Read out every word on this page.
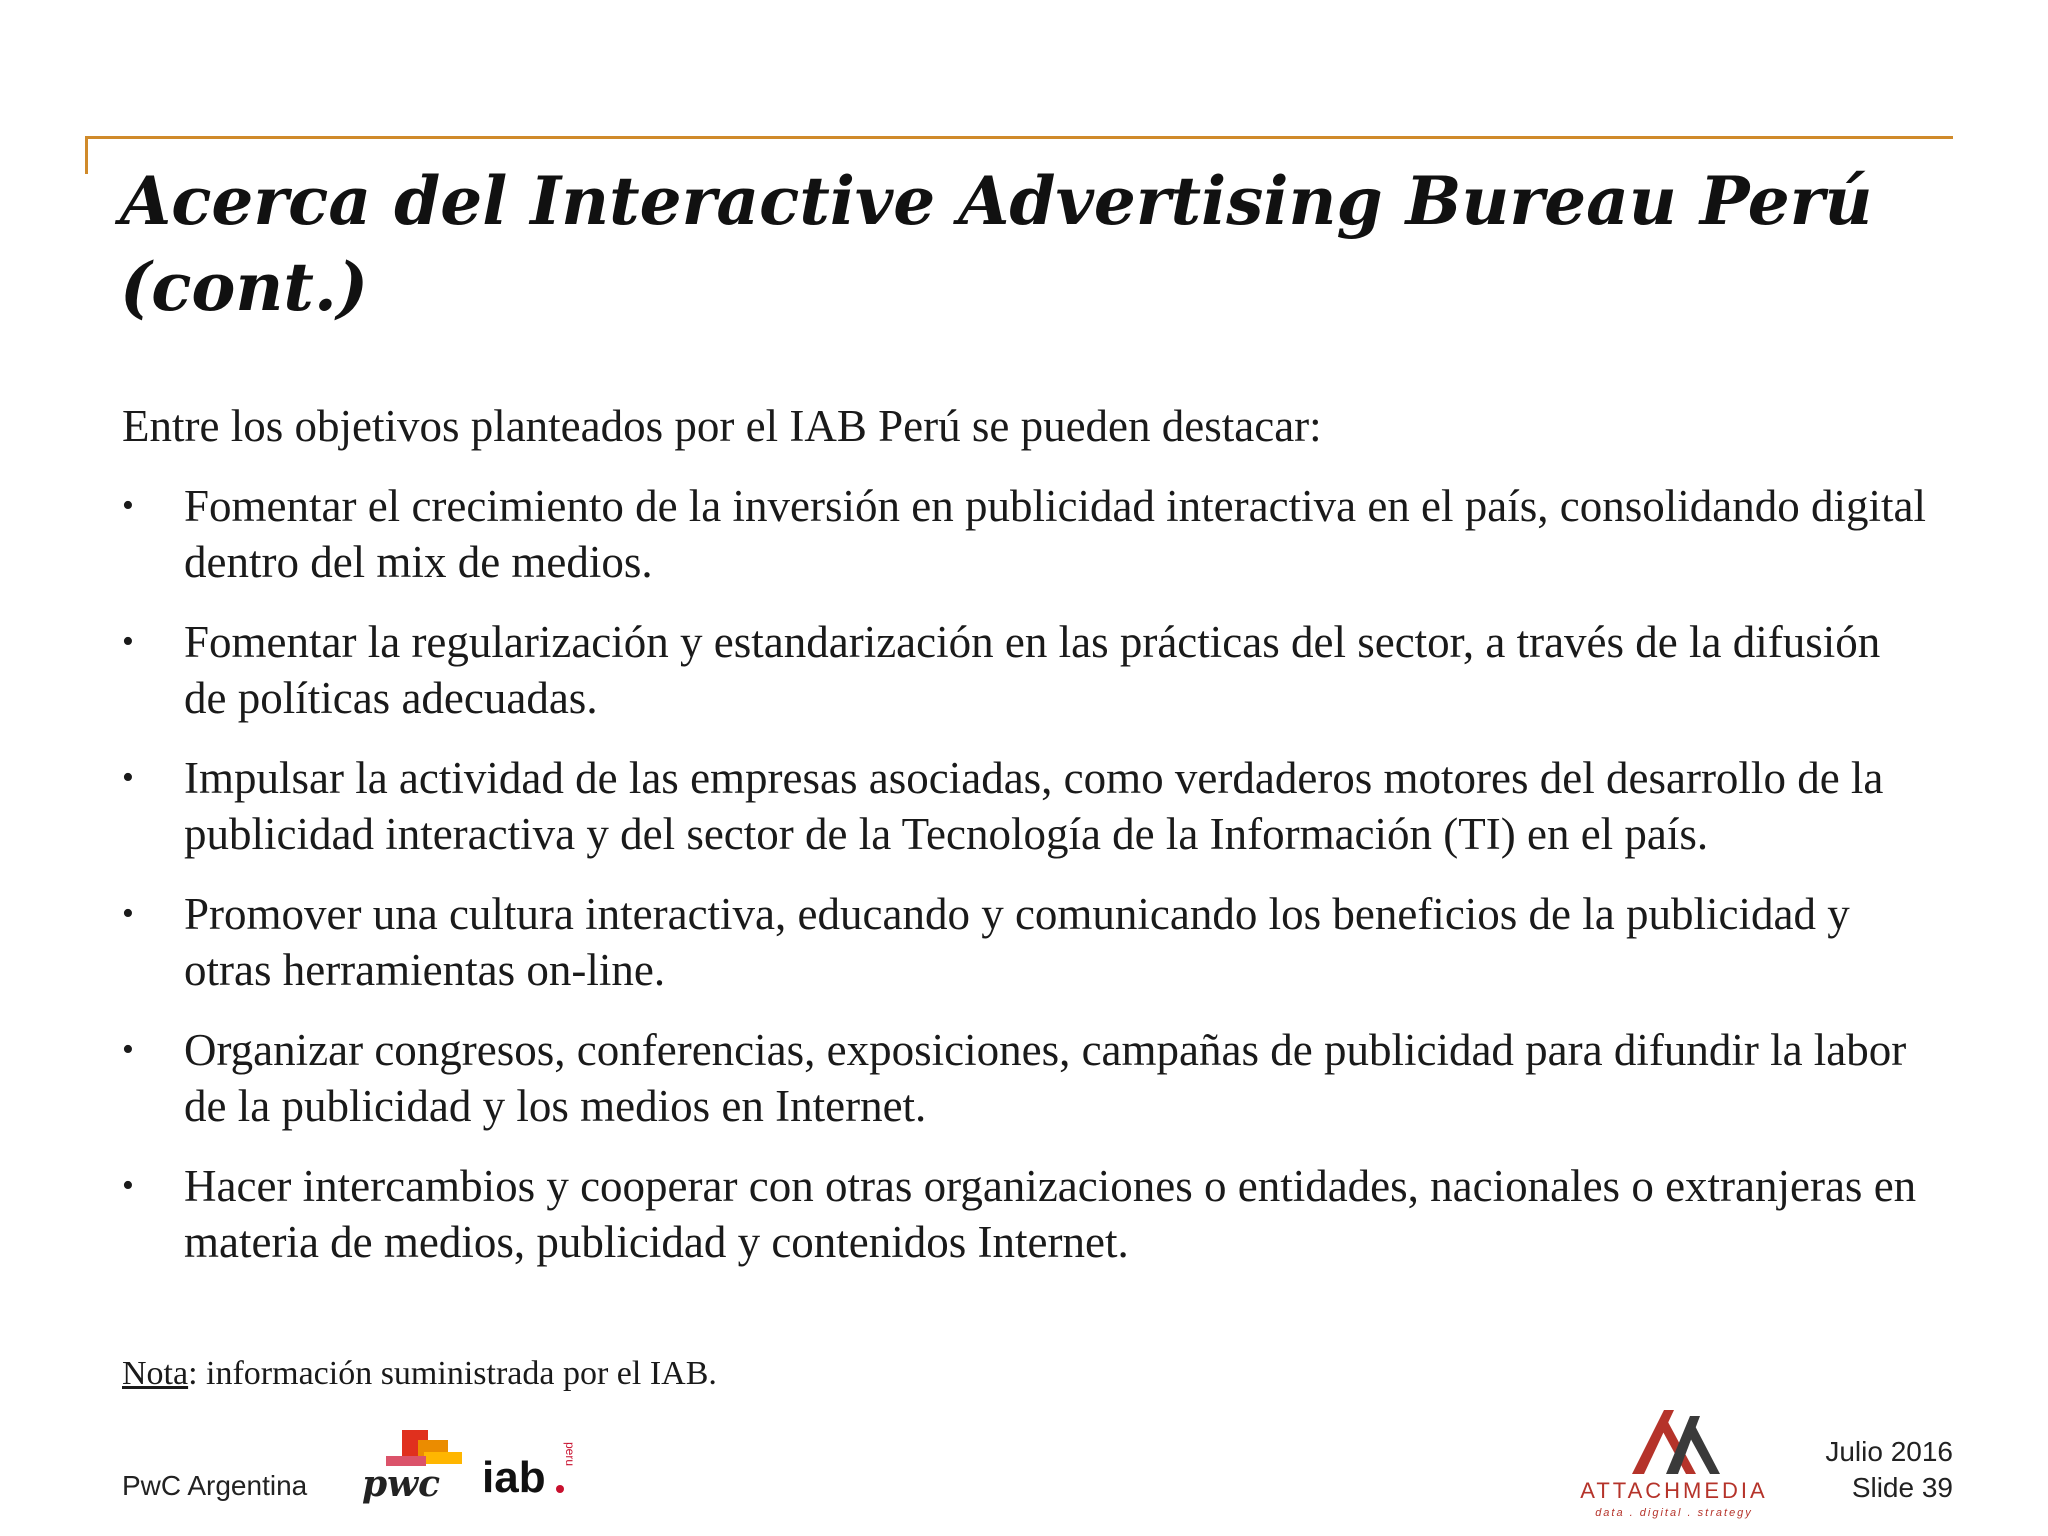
Acerca del Interactive Advertising Bureau Perú (cont.)

Entre los objetivos planteados por el IAB Perú se pueden destacar:

• Fomentar el crecimiento de la inversión en publicidad interactiva en el país, consolidando digital dentro del mix de medios.
• Fomentar la regularización y estandarización en las prácticas del sector, a través de la difusión de políticas adecuadas.
• Impulsar la actividad de las empresas asociadas, como verdaderos motores del desarrollo de la publicidad interactiva y del sector de la Tecnología de la Información (TI) en el país.
• Promover una cultura interactiva, educando y comunicando los beneficios de la publicidad y otras herramientas on-line.
• Organizar congresos, conferencias, exposiciones, campañas de publicidad para difundir la labor de la publicidad y los medios en Internet.
• Hacer intercambios y cooperar con otras organizaciones o entidades, nacionales o extranjeras en materia de medios, publicidad y contenidos Internet.

Nota: información suministrada por el IAB.

PwC Argentina pwc iab peru
ATTACHMEDIA
data . digital . strategy
Julio 2016
Slide 39
